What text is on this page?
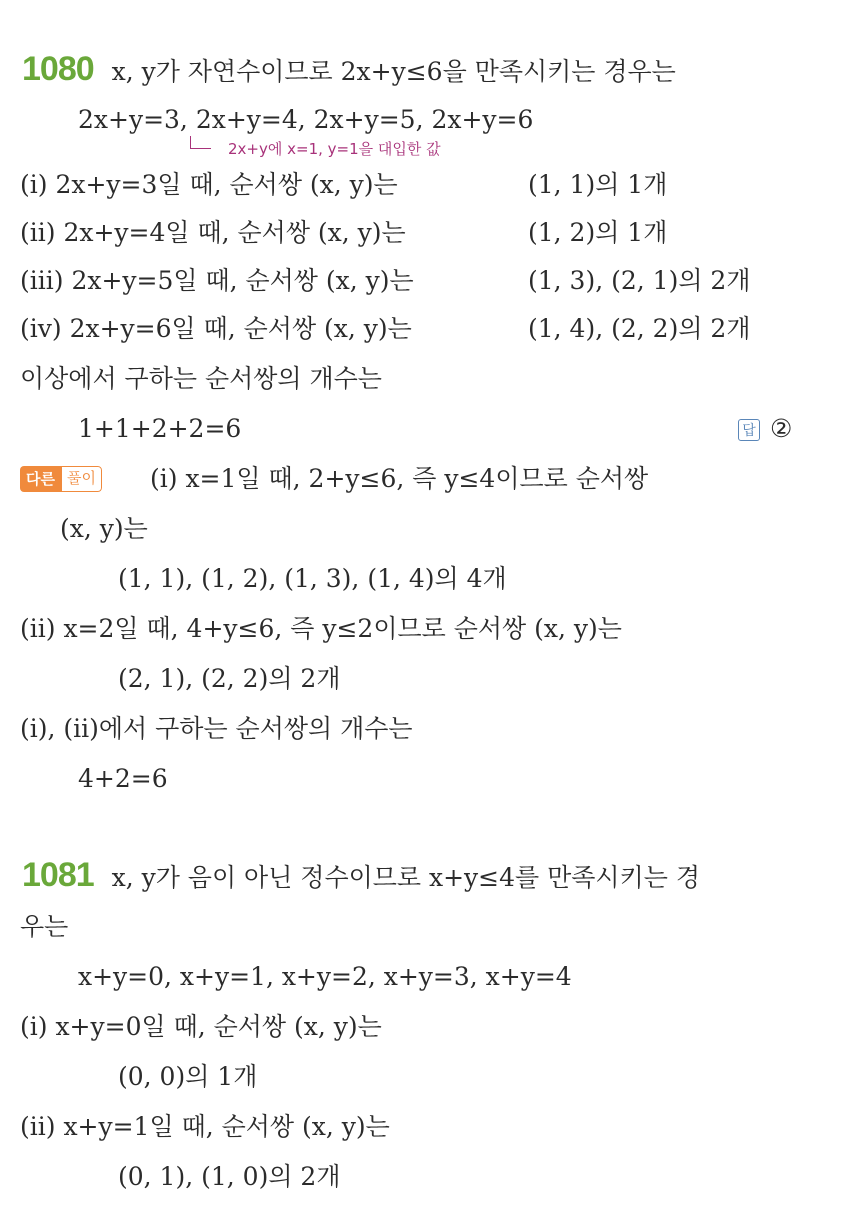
1080 x, y가 자연수이므로 2x+y≤6을 만족시키는 경우는
2x+y=3, 2x+y=4, 2x+y=5, 2x+y=6
2x+y에 x=1, y=1을 대입한 값
(i) 2x+y=3일 때, 순서쌍 (x, y)는	(1, 1)의 1개
(ii) 2x+y=4일 때, 순서쌍 (x, y)는	(1, 2)의 1개
(iii) 2x+y=5일 때, 순서쌍 (x, y)는	(1, 3), (2, 1)의 2개
(iv) 2x+y=6일 때, 순서쌍 (x, y)는	(1, 4), (2, 2)의 2개
이상에서 구하는 순서쌍의 개수는
1+1+2+2=6	답 ②
다른 풀이 (i) x=1일 때, 2+y≤6, 즉 y≤4이므로 순서쌍
(x, y)는
(1, 1), (1, 2), (1, 3), (1, 4)의 4개
(ii) x=2일 때, 4+y≤6, 즉 y≤2이므로 순서쌍 (x, y)는
(2, 1), (2, 2)의 2개
(i), (ii)에서 구하는 순서쌍의 개수는
4+2=6
1081 x, y가 음이 아닌 정수이므로 x+y≤4를 만족시키는 경
우는
x+y=0, x+y=1, x+y=2, x+y=3, x+y=4
(i) x+y=0일 때, 순서쌍 (x, y)는
(0, 0)의 1개
(ii) x+y=1일 때, 순서쌍 (x, y)는
(0, 1), (1, 0)의 2개
